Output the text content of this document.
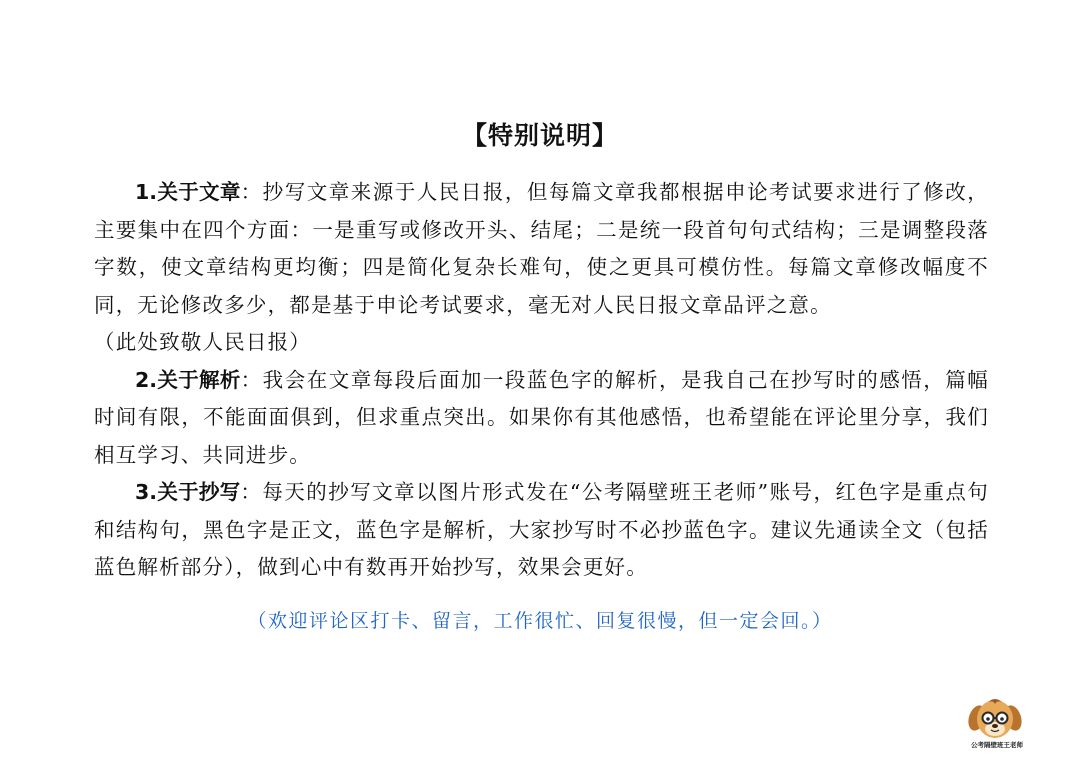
【特别说明】

1.关于文章：抄写文章来源于人民日报，但每篇文章我都根据申论考试要求进行了修改，主要集中在四个方面：一是重写或修改开头、结尾；二是统一段首句句式结构；三是调整段落字数，使文章结构更均衡；四是简化复杂长难句，使之更具可模仿性。每篇文章修改幅度不同，无论修改多少，都是基于申论考试要求，毫无对人民日报文章品评之意。
（此处致敬人民日报）

2.关于解析：我会在文章每段后面加一段蓝色字的解析，是我自己在抄写时的感悟，篇幅时间有限，不能面面俱到，但求重点突出。如果你有其他感悟，也希望能在评论里分享，我们相互学习、共同进步。

3.关于抄写：每天的抄写文章以图片形式发在“公考隔壁班王老师”账号，红色字是重点句和结构句，黑色字是正文，蓝色字是解析，大家抄写时不必抄蓝色字。建议先通读全文（包括蓝色解析部分），做到心中有数再开始抄写，效果会更好。

（欢迎评论区打卡、留言，工作很忙、回复很慢，但一定会回。）
公考隔壁班王老师
